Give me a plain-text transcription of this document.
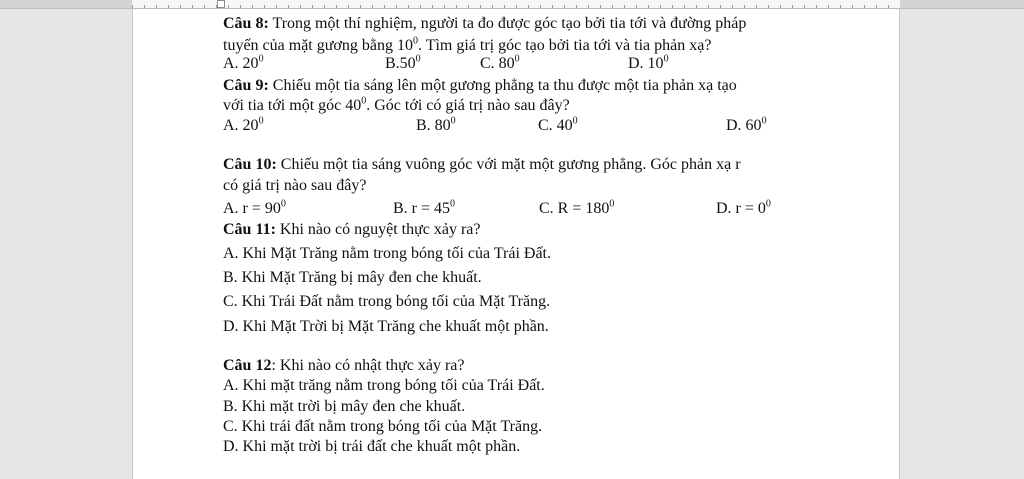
Câu 8: Trong một thí nghiệm, người ta đo được góc tạo bởi tia tới và đường pháp

tuyến của mặt gương bằng $10^0$. Tìm giá trị góc tạo bởi tia tới và tia phản xạ?

A. $20^0$	$B.50^0$	C. $80^0$	D. $10^0$

Câu 9: Chiếu một tia sáng lên một gương phẳng ta thu được một tia phản xạ tạo

với tia tới một góc $40^0$. Góc tới có giá trị nào sau đây?

A. $20^0$	B. $80^0$	C. $40^0$	D. $60^0$

Câu 10: Chiếu một tia sáng vuông góc với mặt một gương phẳng. Góc phản xạ r

có giá trị nào sau đây?

A. $r = 90^0$	B. $r = 45^0$	C. $R = 180^0$	D. $r = 0^0$

Câu 11: Khi nào có nguyệt thực xảy ra?

A. Khi Mặt Trăng nằm trong bóng tối của Trái Đất.

B. Khi Mặt Trăng bị mây đen che khuất.

C. Khi Trái Đất nằm trong bóng tối của Mặt Trăng.

D. Khi Mặt Trời bị Mặt Trăng che khuất một phần.

Câu 12: Khi nào có nhật thực xảy ra?

A. Khi mặt trăng nằm trong bóng tối của Trái Đất.

B. Khi mặt trời bị mây đen che khuất.

C. Khi trái đất nằm trong bóng tối của Mặt Trăng.

D. Khi mặt trời bị trái đất che khuất một phần.
